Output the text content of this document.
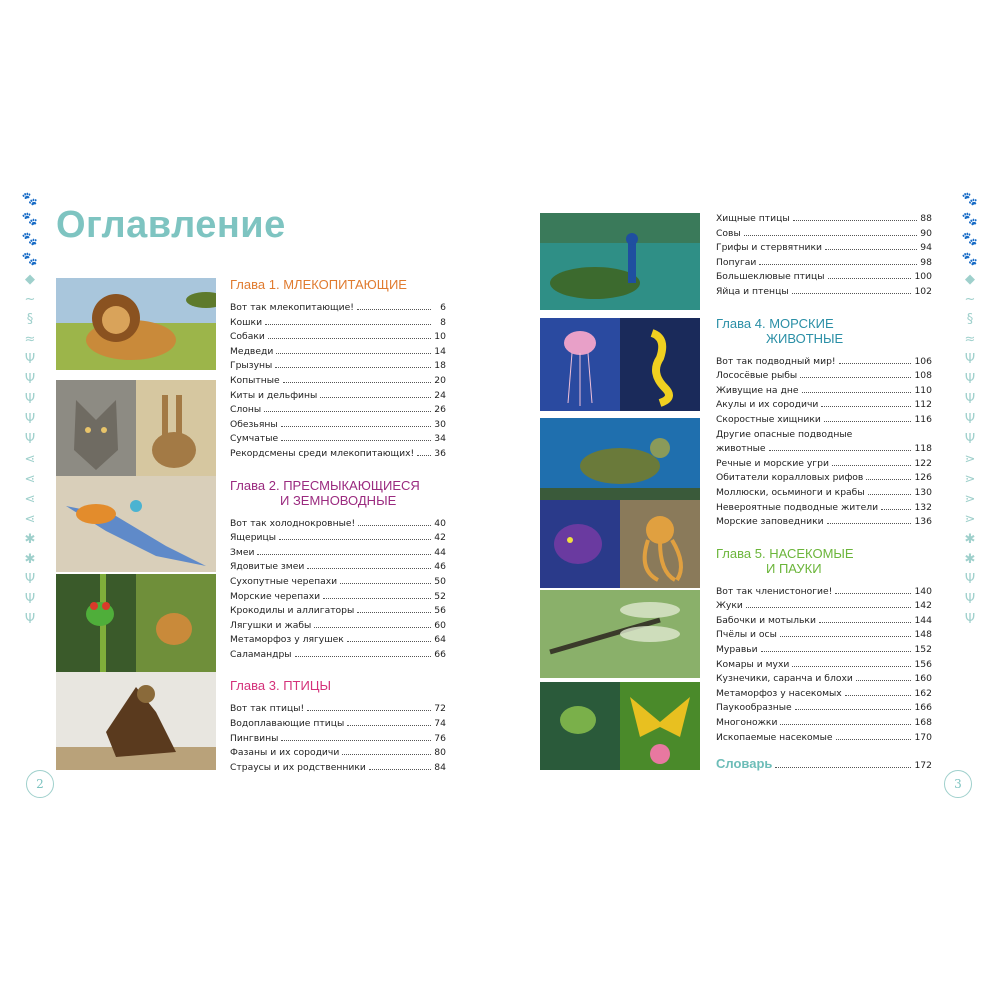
Оглавление
🐾
🐾
🐾
🐾
◆
~
§
≈
Ψ
Ψ
Ψ
Ψ
Ψ
⋖
⋖
⋖
⋖
✱
✱
Ψ
Ψ
Ψ
2
🐾
🐾
🐾
🐾
◆
~
§
≈
Ψ
Ψ
Ψ
Ψ
Ψ
⋗
⋗
⋗
⋗
✱
✱
Ψ
Ψ
Ψ
3
Глава 1. МЛЕКОПИТАЮЩИЕ
Вот так млекопитающие!	6
Кошки	8
Собаки	10
Медведи	14
Грызуны	18
Копытные	20
Киты и дельфины	24
Слоны	26
Обезьяны	30
Сумчатые	34
Рекордсмены среди млекопитающих! 36
Глава 2. ПРЕСМЫКАЮЩИЕСЯ
И ЗЕМНОВОДНЫЕ
Вот так холоднокровные!	40
Ящерицы	42
Змеи	44
Ядовитые змеи	46
Сухопутные черепахи	50
Морские черепахи	52
Крокодилы и аллигаторы	56
Лягушки и жабы	60
Метаморфоз у лягушек	64
Саламандры	66
Глава 3. ПТИЦЫ
Вот так птицы!	72
Водоплавающие птицы	74
Пингвины	76
Фазаны и их сородичи	80
Страусы и их родственники	84
Хищные птицы	88
Совы	90
Грифы и стервятники	94
Попугаи	98
Большеклювые птицы	100
Яйца и птенцы	102
Глава 4. МОРСКИЕ
ЖИВОТНЫЕ
Вот так подводный мир!	106
Лососёвые рыбы	108
Живущие на дне	110
Акулы и их сородичи	112
Скоростные хищники	116
Другие опасные подводные
животные	118
Речные и морские угри	122
Обитатели коралловых рифов	126
Моллюски, осьминоги и крабы	130
Невероятные подводные жители	132
Морские заповедники	136
Глава 5. НАСЕКОМЫЕ
И ПАУКИ
Вот так членистоногие!	140
Жуки	142
Бабочки и мотыльки	144
Пчёлы и осы	148
Муравьи	152
Комары и мухи	156
Кузнечики, саранча и блохи	160
Метаморфоз у насекомых	162
Паукообразные	166
Многоножки	168
Ископаемые насекомые	170
Словарь	172
